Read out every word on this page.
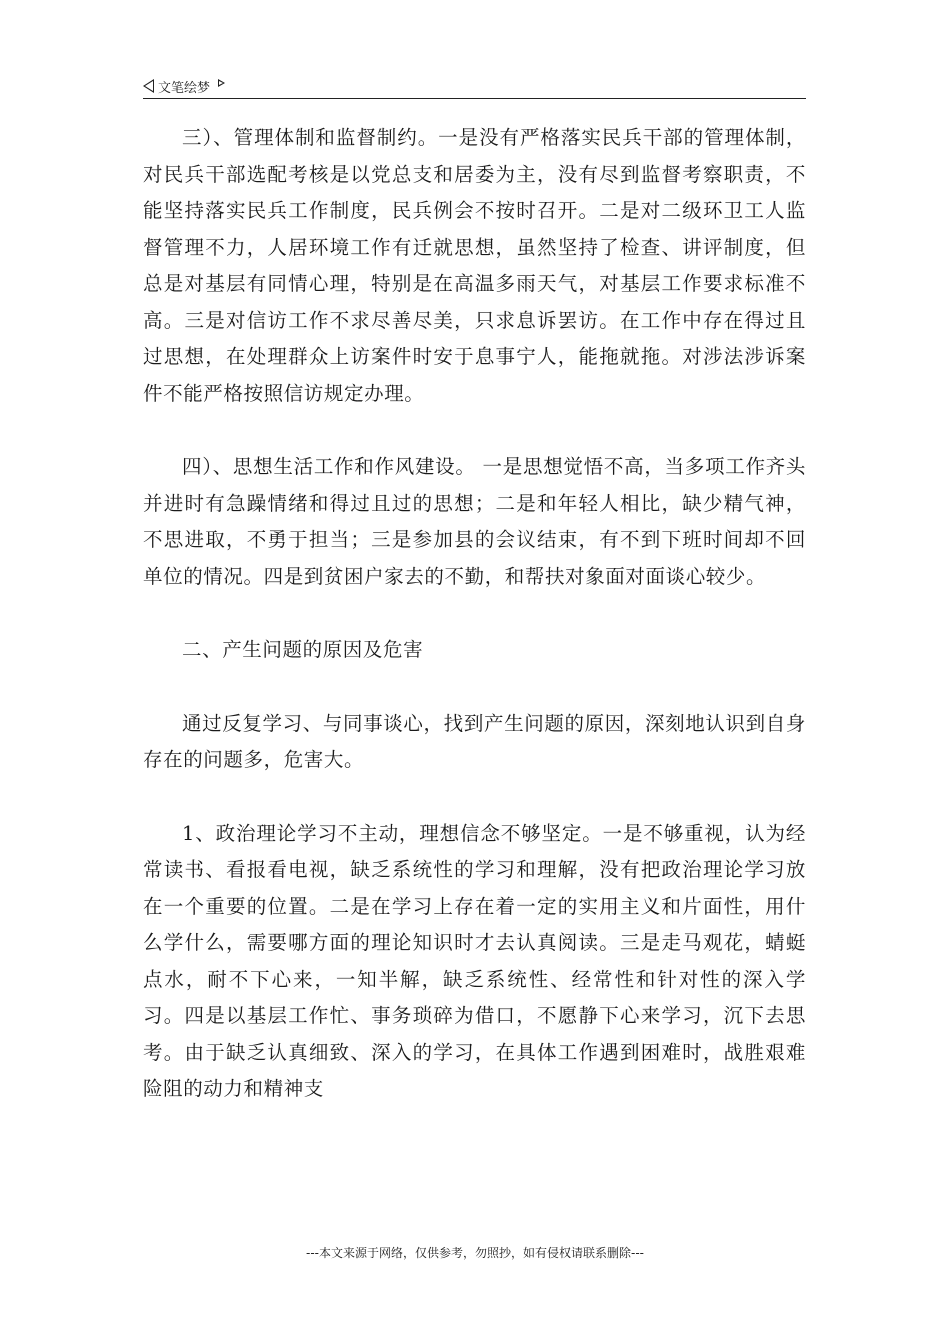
文笔绘梦

三）、管理体制和监督制约。一是没有严格落实民兵干部的管理体制，对民兵干部选配考核是以党总支和居委为主，没有尽到监督考察职责，不能坚持落实民兵工作制度，民兵例会不按时召开。二是对二级环卫工人监督管理不力，人居环境工作有迁就思想，虽然坚持了检查、讲评制度，但总是对基层有同情心理，特别是在高温多雨天气，对基层工作要求标准不高。三是对信访工作不求尽善尽美，只求息诉罢访。在工作中存在得过且过思想，在处理群众上访案件时安于息事宁人，能拖就拖。对涉法涉诉案件不能严格按照信访规定办理。

四）、思想生活工作和作风建设。 一是思想觉悟不高，当多项工作齐头并进时有急躁情绪和得过且过的思想；二是和年轻人相比，缺少精气神，不思进取，不勇于担当；三是参加县的会议结束，有不到下班时间却不回单位的情况。四是到贫困户家去的不勤，和帮扶对象面对面谈心较少。

二、产生问题的原因及危害

通过反复学习、与同事谈心，找到产生问题的原因，深刻地认识到自身存在的问题多，危害大。

1、政治理论学习不主动，理想信念不够坚定。一是不够重视，认为经常读书、看报看电视，缺乏系统性的学习和理解，没有把政治理论学习放在一个重要的位置。二是在学习上存在着一定的实用主义和片面性，用什么学什么，需要哪方面的理论知识时才去认真阅读。三是走马观花，蜻蜓点水，耐不下心来，一知半解，缺乏系统性、经常性和针对性的深入学习。四是以基层工作忙、事务琐碎为借口，不愿静下心来学习，沉下去思考。由于缺乏认真细致、深入的学习，在具体工作遇到困难时，战胜艰难险阻的动力和精神支

---本文来源于网络，仅供参考，勿照抄，如有侵权请联系删除---
